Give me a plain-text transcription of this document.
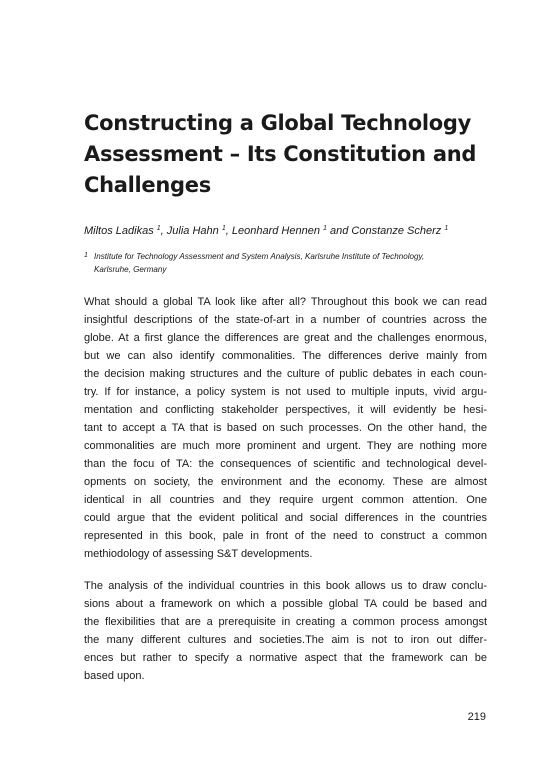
Constructing a Global Technology
Assessment – Its Constitution and
Challenges
Miltos Ladikas $^1$, Julia Hahn $^1$, Leonhard Hennen $^1$ and Constanze Scherz $^1$
1 Institute for Technology Assessment and System Analysis, Karlsruhe Institute of Technology,
Karlsruhe, Germany
What should a global TA look like after all? Throughout this book we can read
insightful descriptions of the state-of-art in a number of countries across the
globe. At a first glance the differences are great and the challenges enormous,
but we can also identify commonalities. The differences derive mainly from
the decision making structures and the culture of public debates in each coun-
try. If for instance, a policy system is not used to multiple inputs, vivid argu-
mentation and conflicting stakeholder perspectives, it will evidently be hesi-
tant to accept a TA that is based on such processes. On the other hand, the
commonalities are much more prominent and urgent. They are nothing more
than the focu of TA: the consequences of scientific and technological devel-
opments on society, the environment and the economy. These are almost
identical in all countries and they require urgent common attention. One
could argue that the evident political and social differences in the countries
represented in this book, pale in front of the need to construct a common
methiodology of assessing S&T developments.
The analysis of the individual countries in this book allows us to draw conclu-
sions about a framework on which a possible global TA could be based and
the flexibilities that are a prerequisite in creating a common process amongst
the many different cultures and societies.The aim is not to iron out differ-
ences but rather to specify a normative aspect that the framework can be
based upon.
219
